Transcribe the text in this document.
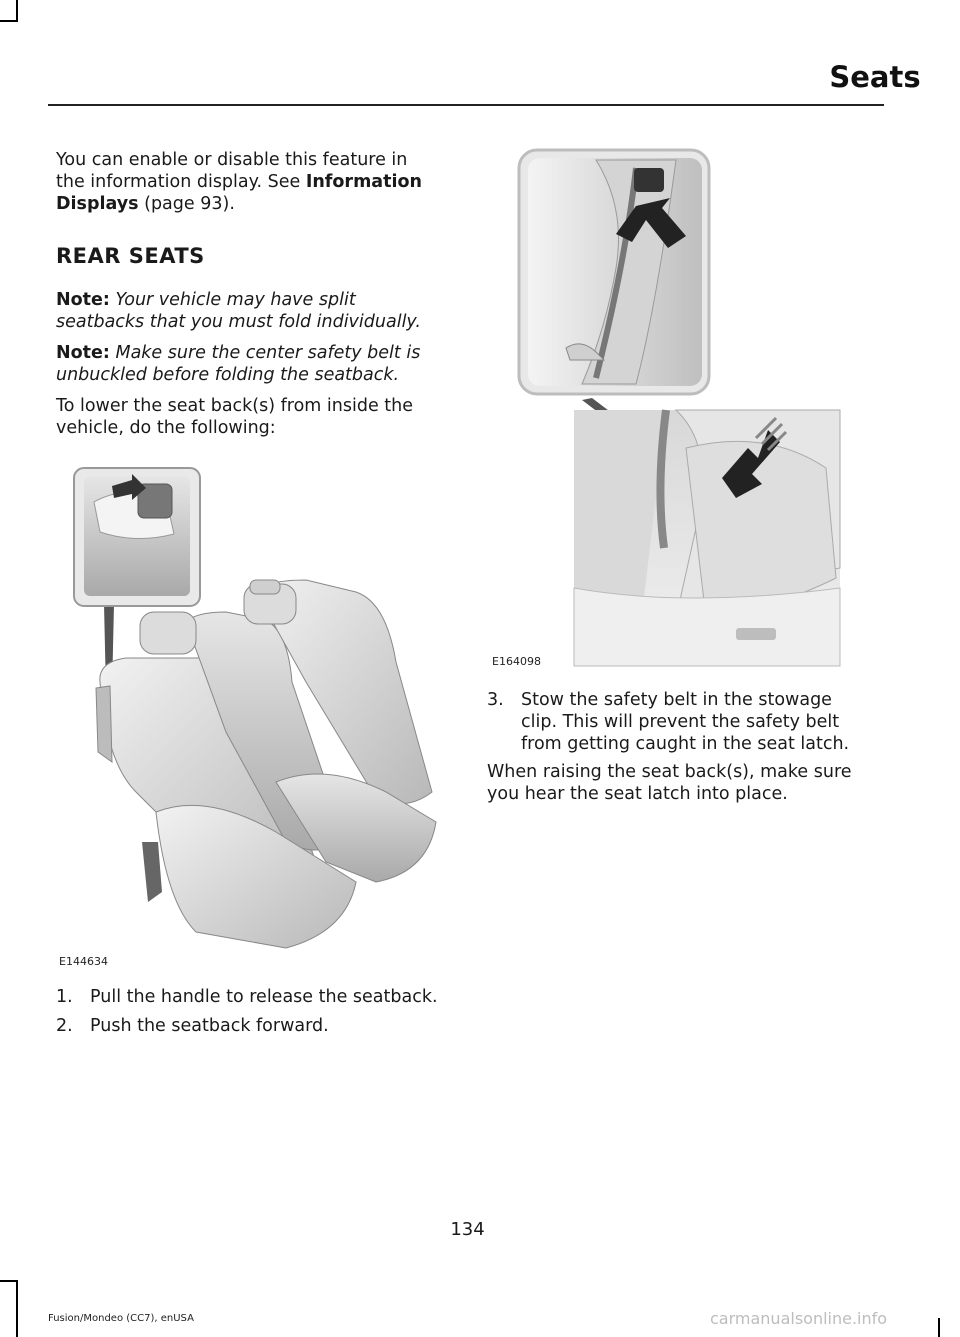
Seats

You can enable or disable this feature in
the information display. See Information
Displays (page 93).

REAR SEATS

Note: Your vehicle may have split
seatbacks that you must fold individually.

Note: Make sure the center safety belt is
unbuckled before folding the seatback.

To lower the seat back(s) from inside the
vehicle, do the following:

E144634
1. Pull the handle to release the seatback.
2. Push the seatback forward.
E164098
3. Stow the safety belt in the stowage
clip. This will prevent the safety belt
from getting caught in the seat latch.

When raising the seat back(s), make sure
you hear the seat latch into place.

134
Fusion/Mondeo (CC7), enUSA	carmanualsonline.info
